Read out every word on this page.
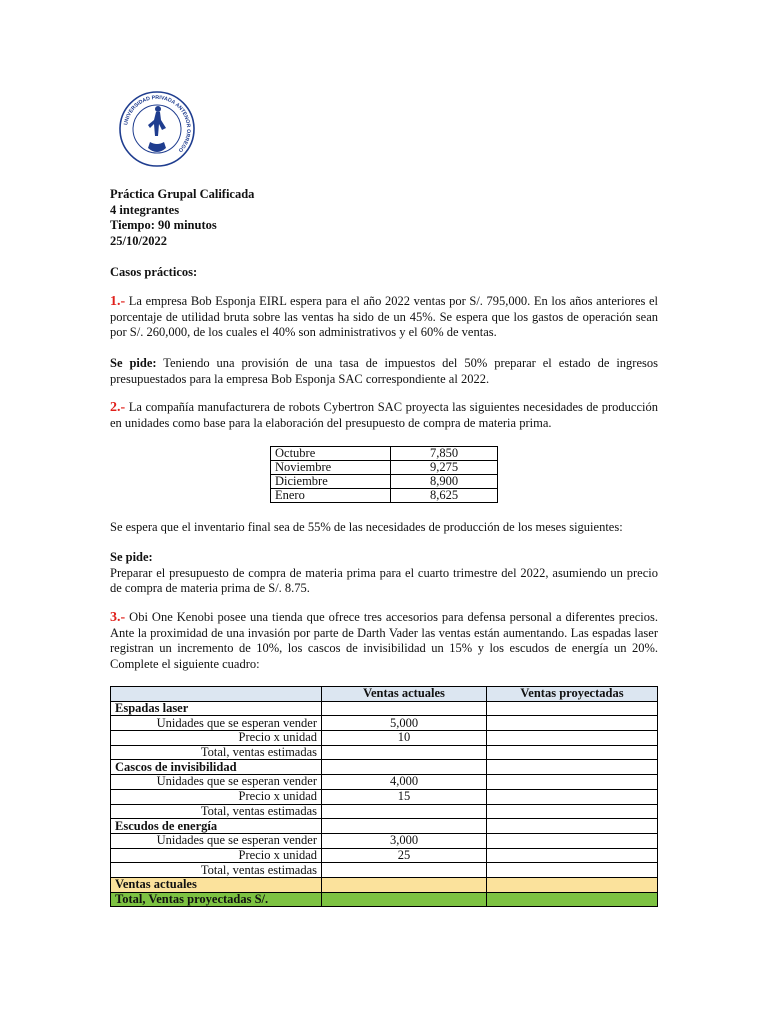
UNIVERSIDAD PRIVADA ANTENOR ORREGO
Práctica Grupal Calificada
4 integrantes
Tiempo: 90 minutos
25/10/2022
Casos prácticos:
1.- La empresa Bob Esponja EIRL espera para el año 2022 ventas por S/. 795,000. En los años anteriores el porcentaje de utilidad bruta sobre las ventas ha sido de un 45%. Se espera que los gastos de operación sean por S/. 260,000, de los cuales el 40% son administrativos y el 60% de ventas.
Se pide: Teniendo una provisión de una tasa de impuestos del 50% preparar el estado de ingresos presupuestados para la empresa Bob Esponja SAC correspondiente al 2022.
2.- La compañía manufacturera de robots Cybertron SAC proyecta las siguientes necesidades de producción en unidades como base para la elaboración del presupuesto de compra de materia prima.
Octubre	7,850
Noviembre	9,275
Diciembre	8,900
Enero	8,625
Se espera que el inventario final sea de 55% de las necesidades de producción de los meses siguientes:
Se pide:
Preparar el presupuesto de compra de materia prima para el cuarto trimestre del 2022, asumiendo un precio de compra de materia prima de S/. 8.75.
3.- Obi One Kenobi posee una tienda que ofrece tres accesorios para defensa personal a diferentes precios. Ante la proximidad de una invasión por parte de Darth Vader las ventas están aumentando. Las espadas laser registran un incremento de 10%, los cascos de invisibilidad un 15% y los escudos de energía un 20%. Complete el siguiente cuadro:
	Ventas actuales	Ventas proyectadas
Espadas laser		
Unidades que se esperan vender	5,000	
Precio x unidad	10	
Total, ventas estimadas		
Cascos de invisibilidad		
Unidades que se esperan vender	4,000	
Precio x unidad	15	
Total, ventas estimadas		
Escudos de energía		
Unidades que se esperan vender	3,000	
Precio x unidad	25	
Total, ventas estimadas		
Ventas actuales		
Total, Ventas proyectadas S/.		
